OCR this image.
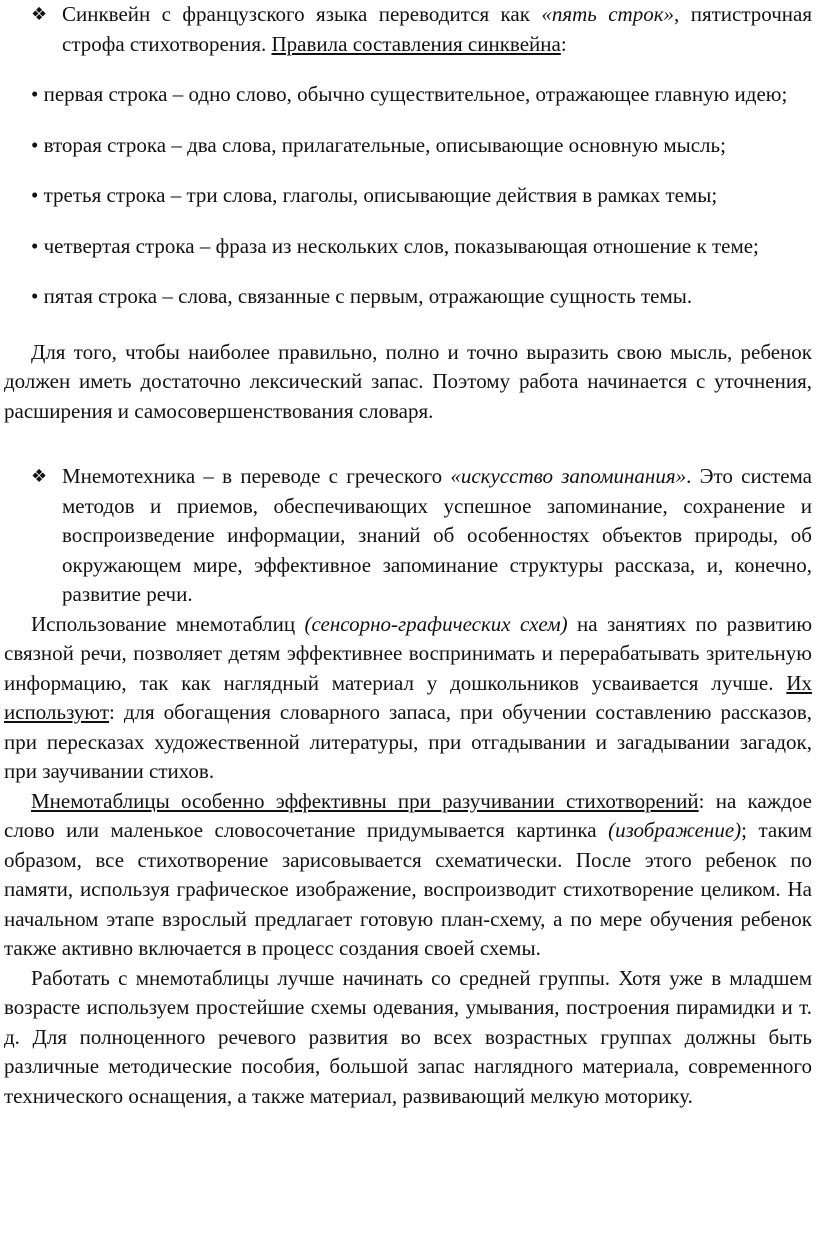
❖ Синквейн с французского языка переводится как «пять строк», пятистрочная строфа стихотворения. Правила составления синквейна:

• первая строка – одно слово, обычно существительное, отражающее главную идею;

• вторая строка – два слова, прилагательные, описывающие основную мысль;

• третья строка – три слова, глаголы, описывающие действия в рамках темы;

• четвертая строка – фраза из нескольких слов, показывающая отношение к теме;

• пятая строка – слова, связанные с первым, отражающие сущность темы.

Для того, чтобы наиболее правильно, полно и точно выразить свою мысль, ребенок должен иметь достаточно лексический запас. Поэтому работа начинается с уточнения, расширения и самосовершенствования словаря.

❖ Мнемотехника – в переводе с греческого «искусство запоминания». Это система методов и приемов, обеспечивающих успешное запоминание, сохранение и воспроизведение информации, знаний об особенностях объектов природы, об окружающем мире, эффективное запоминание структуры рассказа, и, конечно, развитие речи.

Использование мнемотаблиц (сенсорно-графических схем) на занятиях по развитию связной речи, позволяет детям эффективнее воспринимать и перерабатывать зрительную информацию, так как наглядный материал у дошкольников усваивается лучше. Их используют: для обогащения словарного запаса, при обучении составлению рассказов, при пересказах художественной литературы, при отгадывании и загадывании загадок, при заучивании стихов.

Мнемотаблицы особенно эффективны при разучивании стихотворений: на каждое слово или маленькое словосочетание придумывается картинка (изображение); таким образом, все стихотворение зарисовывается схематически. После этого ребенок по памяти, используя графическое изображение, воспроизводит стихотворение целиком. На начальном этапе взрослый предлагает готовую план-схему, а по мере обучения ребенок также активно включается в процесс создания своей схемы.

Работать с мнемотаблицы лучше начинать со средней группы. Хотя уже в младшем возрасте используем простейшие схемы одевания, умывания, построения пирамидки и т. д. Для полноценного речевого развития во всех возрастных группах должны быть различные методические пособия, большой запас наглядного материала, современного технического оснащения, а также материал, развивающий мелкую моторику.
